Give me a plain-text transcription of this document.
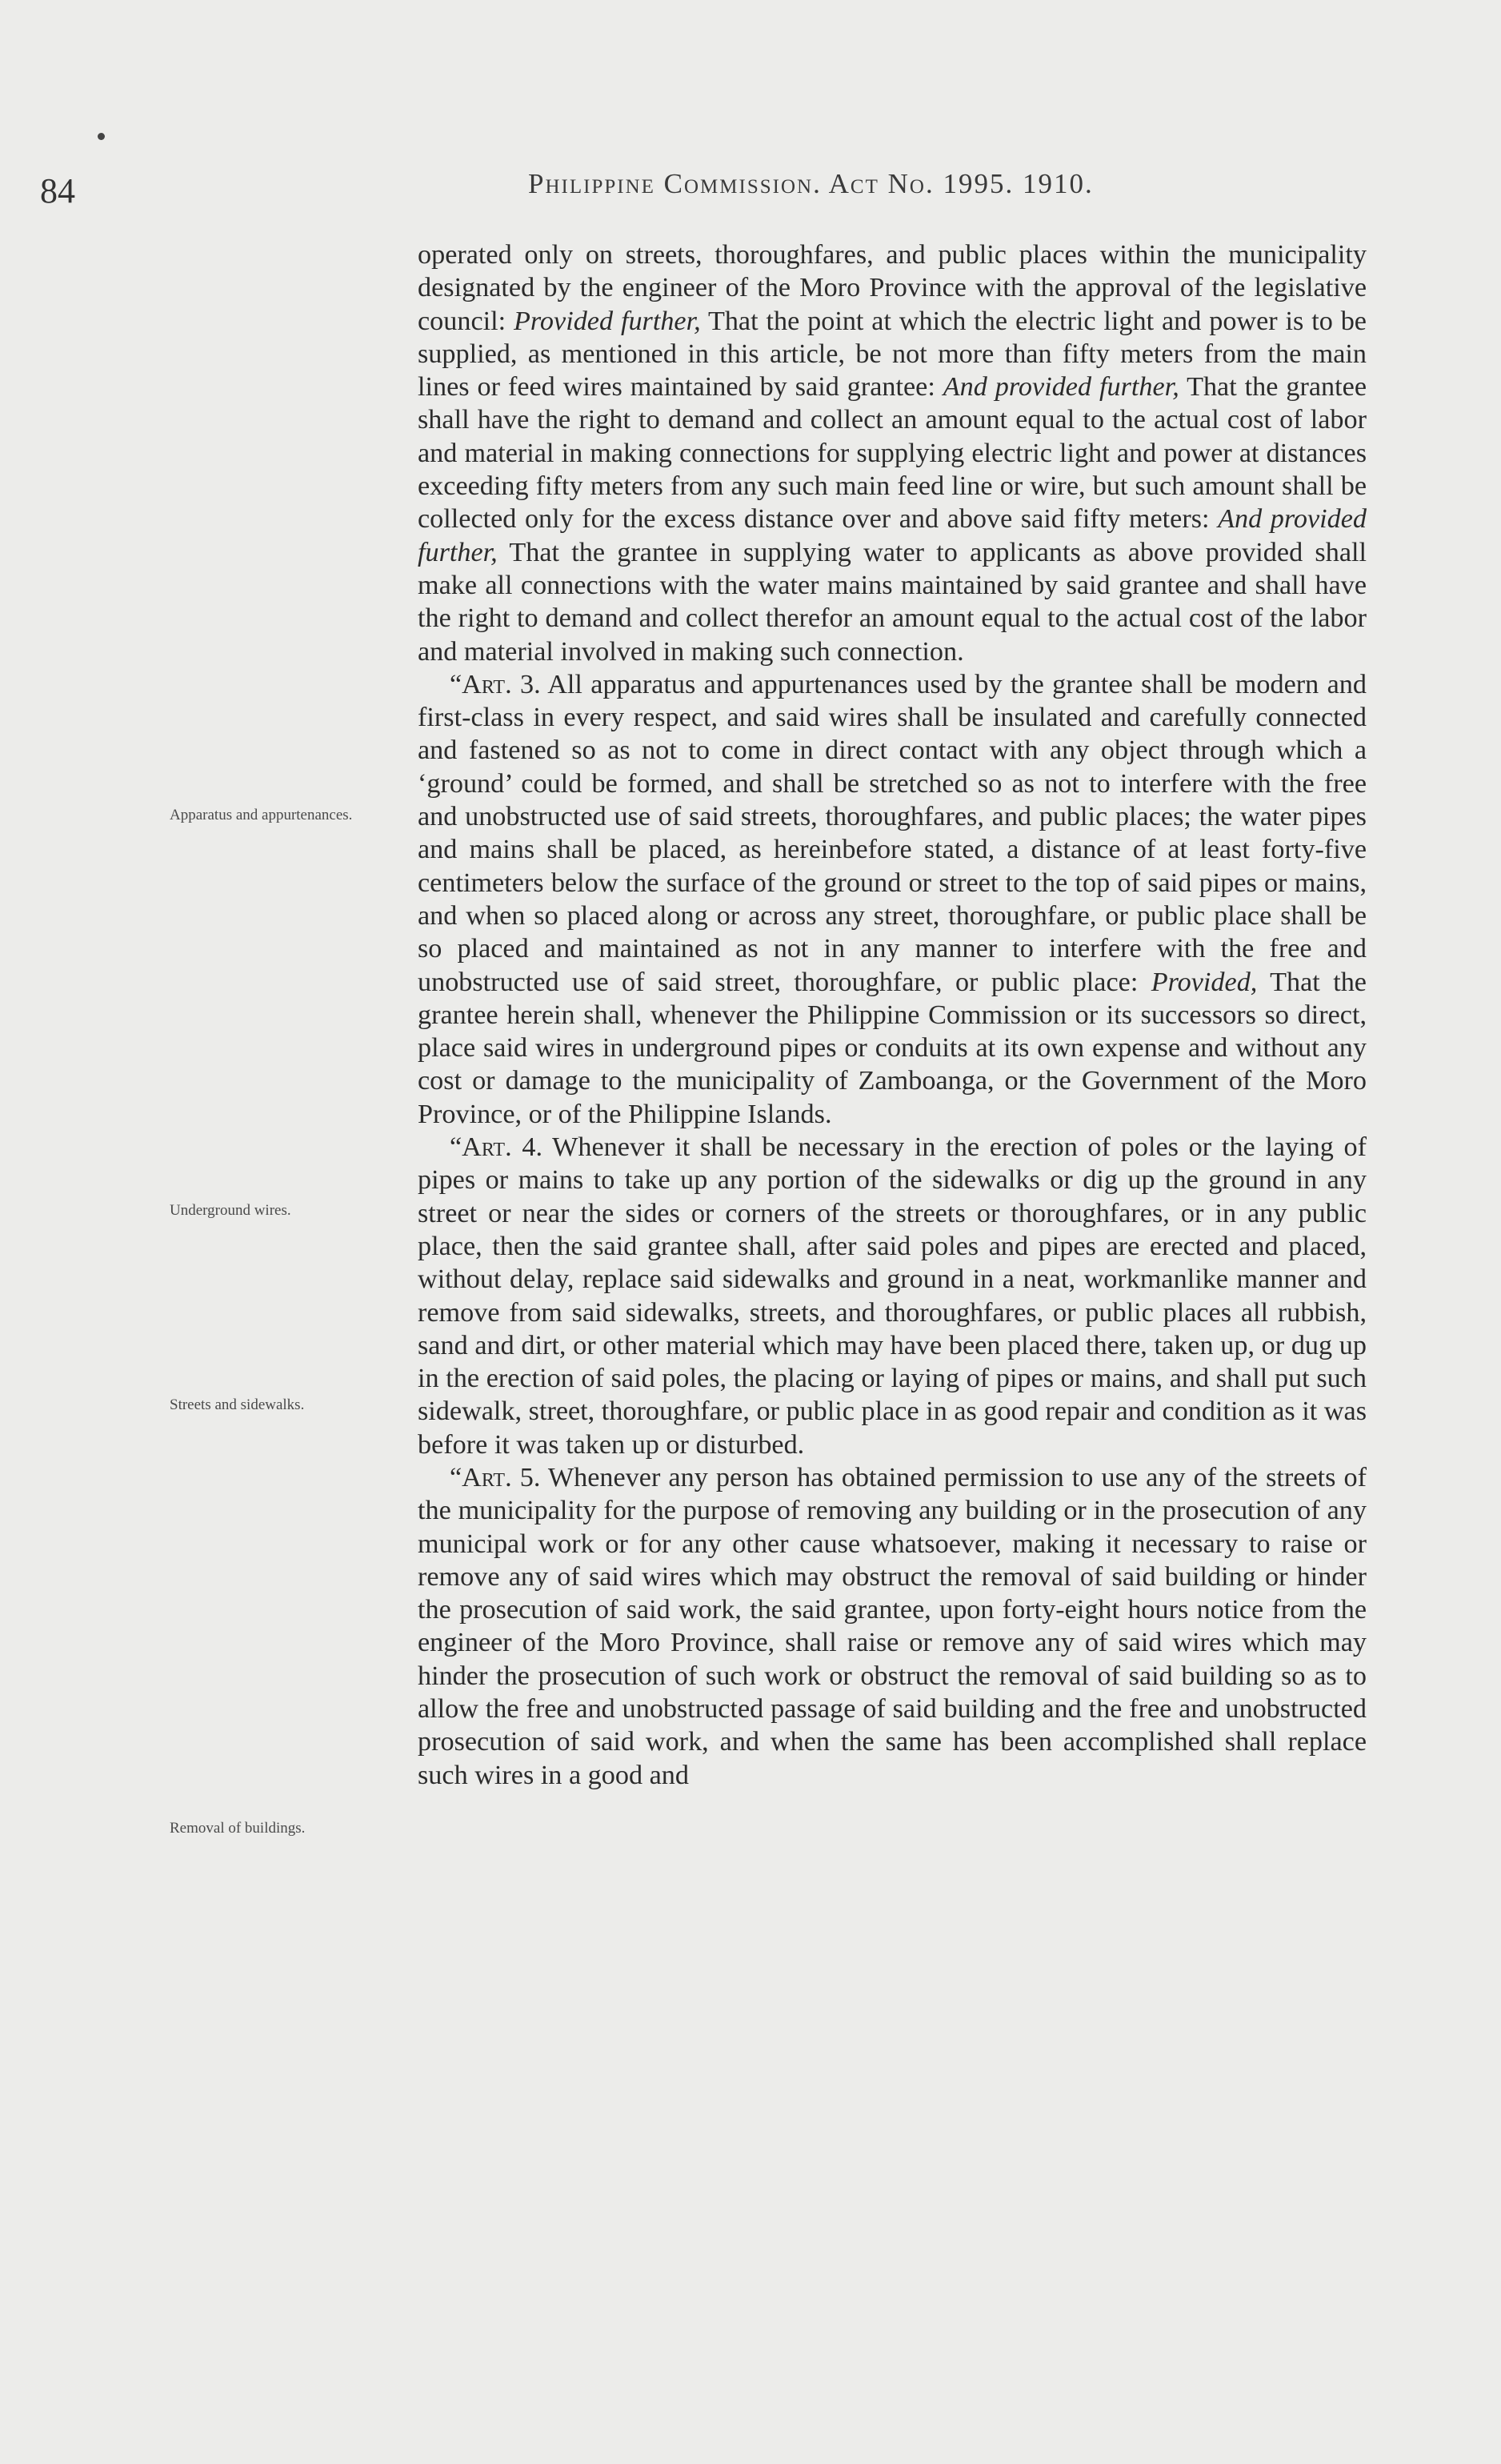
84	Philippine Commission. Act No. 1995. 1910.
Apparatus and appurtenances.
Underground wires.
Streets and sidewalks.
Removal of buildings.

operated only on streets, thoroughfares, and public places within the municipality designated by the engineer of the Moro Province with the approval of the legislative council: Provided further, That the point at which the electric light and power is to be supplied, as mentioned in this article, be not more than fifty meters from the main lines or feed wires maintained by said grantee: And provided further, That the grantee shall have the right to demand and collect an amount equal to the actual cost of labor and material in making connections for supplying electric light and power at distances exceeding fifty meters from any such main feed line or wire, but such amount shall be collected only for the excess distance over and above said fifty meters: And provided further, That the grantee in supplying water to applicants as above provided shall make all connections with the water mains maintained by said grantee and shall have the right to demand and collect therefor an amount equal to the actual cost of the labor and material involved in making such connection.

“Art. 3. All apparatus and appurtenances used by the grantee shall be modern and first-class in every respect, and said wires shall be insulated and carefully connected and fastened so as not to come in direct contact with any object through which a ‘ground’ could be formed, and shall be stretched so as not to interfere with the free and unobstructed use of said streets, thoroughfares, and public places; the water pipes and mains shall be placed, as hereinbefore stated, a distance of at least forty-five centimeters below the surface of the ground or street to the top of said pipes or mains, and when so placed along or across any street, thoroughfare, or public place shall be so placed and maintained as not in any manner to interfere with the free and unobstructed use of said street, thoroughfare, or public place: Provided, That the grantee herein shall, whenever the Philippine Commission or its successors so direct, place said wires in underground pipes or conduits at its own expense and without any cost or damage to the municipality of Zamboanga, or the Government of the Moro Province, or of the Philippine Islands.

“Art. 4. Whenever it shall be necessary in the erection of poles or the laying of pipes or mains to take up any portion of the sidewalks or dig up the ground in any street or near the sides or corners of the streets or thoroughfares, or in any public place, then the said grantee shall, after said poles and pipes are erected and placed, without delay, replace said sidewalks and ground in a neat, workmanlike manner and remove from said sidewalks, streets, and thoroughfares, or public places all rubbish, sand and dirt, or other material which may have been placed there, taken up, or dug up in the erection of said poles, the placing or laying of pipes or mains, and shall put such sidewalk, street, thoroughfare, or public place in as good repair and condition as it was before it was taken up or disturbed.

“Art. 5. Whenever any person has obtained permission to use any of the streets of the municipality for the purpose of removing any building or in the prosecution of any municipal work or for any other cause whatsoever, making it necessary to raise or remove any of said wires which may obstruct the removal of said building or hinder the prosecution of said work, the said grantee, upon forty-eight hours notice from the engineer of the Moro Province, shall raise or remove any of said wires which may hinder the prosecution of such work or obstruct the removal of said building so as to allow the free and unobstructed passage of said building and the free and unobstructed prosecution of said work, and when the same has been accomplished shall replace such wires in a good and
